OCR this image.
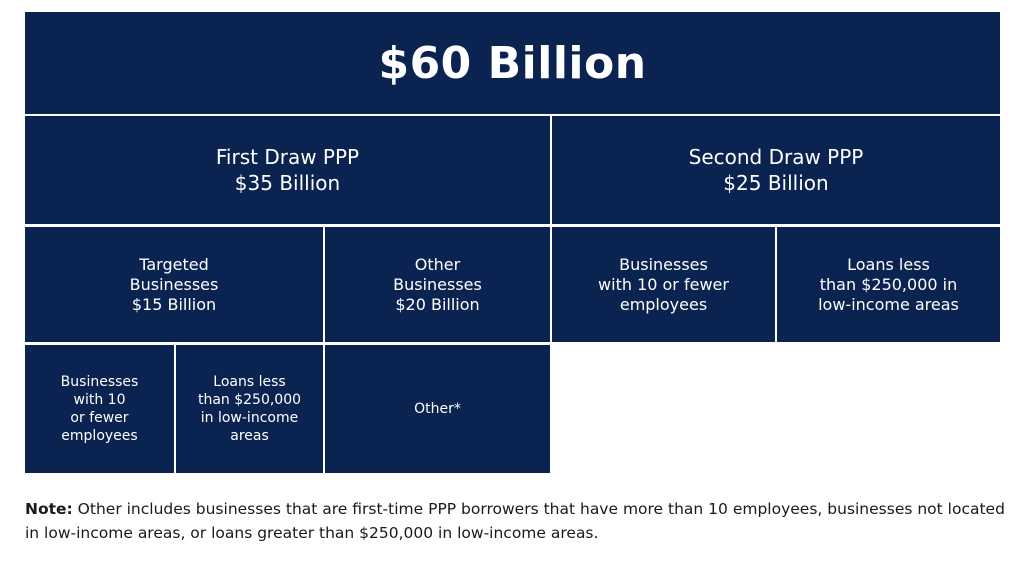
$60 Billion
First Draw PPP
$35 Billion
Second Draw PPP
$25 Billion
Targeted
Businesses
$15 Billion
Other
Businesses
$20 Billion
Businesses
with 10 or fewer
employees
Loans less
than $250,000 in
low-income areas
Businesses
with 10
or fewer
employees
Loans less
than $250,000
in low-income
areas
Other*
Note: Other includes businesses that are first-time PPP borrowers that have more than 10 employees, businesses not located in low-income areas, or loans greater than $250,000 in low-income areas.
